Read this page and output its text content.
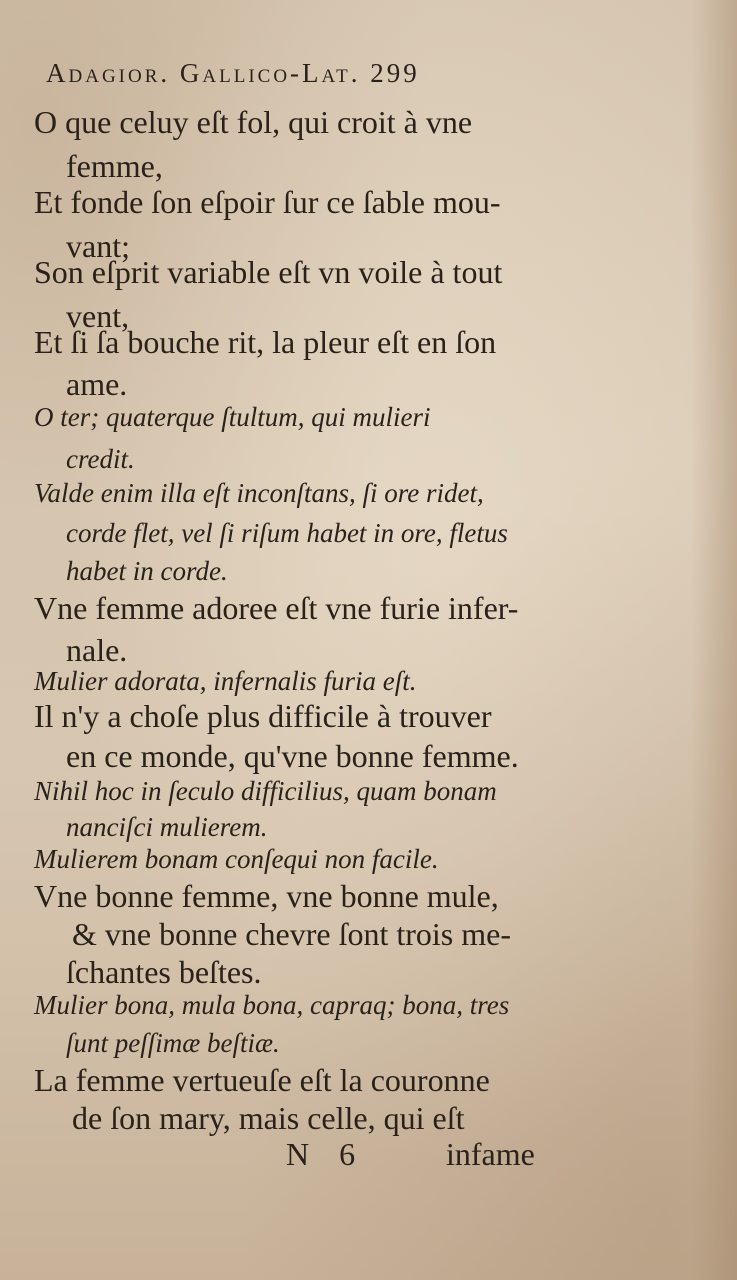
Adagior. Gallico-Lat. 299
O que celuy eſt fol, qui croit à vne
femme,
Et fonde ſon eſpoir ſur ce ſable mou-
vant;
Son eſprit variable eſt vn voile à tout
vent,
Et ſi ſa bouche rit, la pleur eſt en ſon
ame.
O ter; quaterque ſtultum, qui mulieri
credit.
Valde enim illa eſt inconſtans, ſi ore ridet,
corde flet, vel ſi riſum habet in ore, fletus
habet in corde.
Vne femme adoree eſt vne furie infer-
nale.
Mulier adorata, infernalis furia eſt.
Il n'y a choſe plus difficile à trouver
en ce monde, qu'vne bonne femme.
Nihil hoc in ſeculo difficilius, quam bonam
nanciſci mulierem.
Mulierem bonam conſequi non facile.
Vne bonne femme, vne bonne mule,
& vne bonne chevre ſont trois me-
ſchantes beſtes.
Mulier bona, mula bona, capraq; bona, tres
ſunt peſſimæ beſtiæ.
La femme vertueuſe eſt la couronne
de ſon mary, mais celle, qui eſt
N 6	infame
